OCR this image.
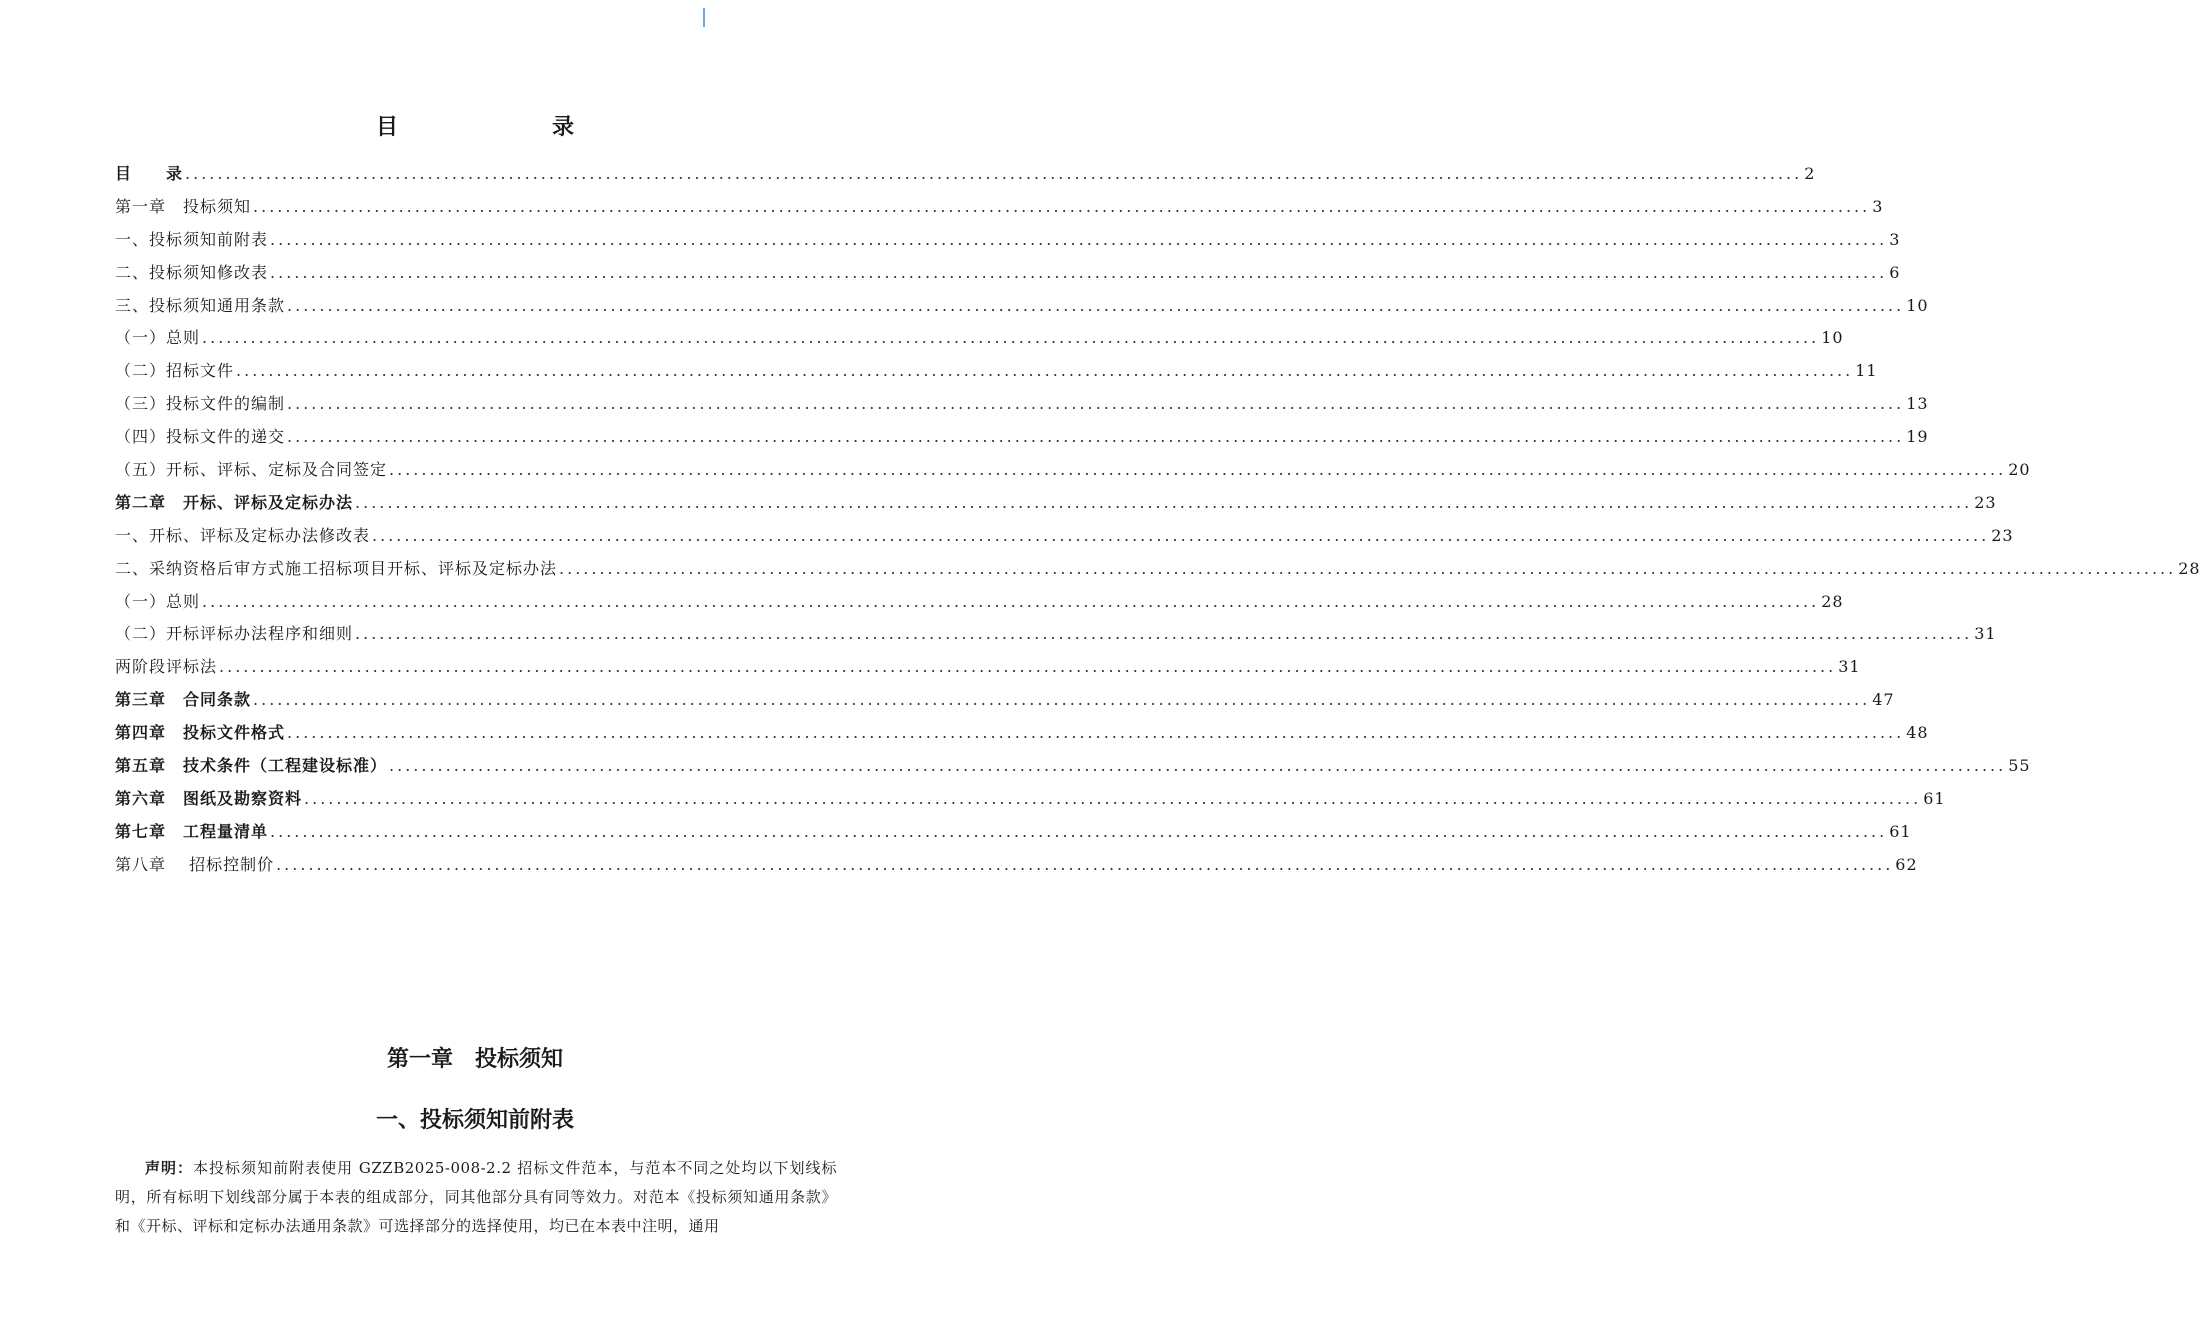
目　录
目　　录 ........................................................................................................................................................................................................ 2
第一章　投标须知 ........................................................................................................................................................................................................ 3
一、投标须知前附表 ........................................................................................................................................................................................................ 3
二、投标须知修改表 ........................................................................................................................................................................................................ 6
三、投标须知通用条款 ........................................................................................................................................................................................................ 10
（一）总则 ........................................................................................................................................................................................................ 10
（二）招标文件 ........................................................................................................................................................................................................ 11
（三）投标文件的编制 ........................................................................................................................................................................................................ 13
（四）投标文件的递交 ........................................................................................................................................................................................................ 19
（五）开标、评标、定标及合同签定 ........................................................................................................................................................................................................ 20
第二章　开标、评标及定标办法 ........................................................................................................................................................................................................ 23
一、开标、评标及定标办法修改表 ........................................................................................................................................................................................................ 23
二、采纳资格后审方式施工招标项目开标、评标及定标办法 ........................................................................................................................................................................................................ 28
（一）总则 ........................................................................................................................................................................................................ 28
（二）开标评标办法程序和细则 ........................................................................................................................................................................................................ 31
两阶段评标法 ........................................................................................................................................................................................................ 31
第三章　合同条款 ........................................................................................................................................................................................................ 47
第四章　投标文件格式 ........................................................................................................................................................................................................ 48
第五章　技术条件（工程建设标准） ........................................................................................................................................................................................................ 55
第六章　图纸及勘察资料 ........................................................................................................................................................................................................ 61
第七章　工程量清单 ........................................................................................................................................................................................................ 61
第八章　 招标控制价 ........................................................................................................................................................................................................ 62
第一章　投标须知
一、投标须知前附表
声明：本投标须知前附表使用 GZZB2025-008-2.2 招标文件范本，与范本不同之处均以下划线标明，所有标明下划线部分属于本表的组成部分，同其他部分具有同等效力。对范本《投标须知通用条款》和《开标、评标和定标办法通用条款》可选择部分的选择使用，均已在本表中注明，通用
